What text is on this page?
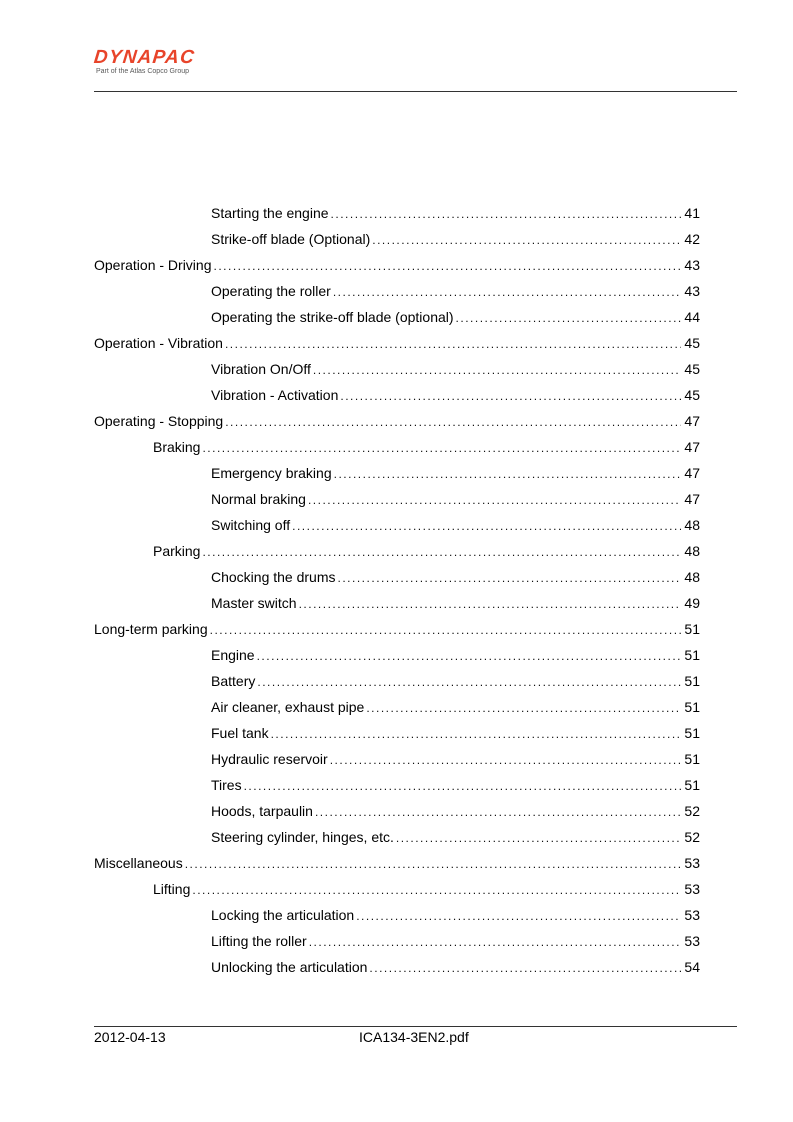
DYNAPAC
Part of the Atlas Copco Group
Starting the engine .....	41
Strike-off blade (Optional) .....	42
Operation - Driving .....	43
Operating the roller .....	43
Operating the strike-off blade (optional) .....	44
Operation - Vibration .....	45
Vibration On/Off .....	45
Vibration - Activation .....	45
Operating - Stopping .....	47
Braking .....	47
Emergency braking .....	47
Normal braking .....	47
Switching off .....	48
Parking .....	48
Chocking the drums .....	48
Master switch .....	49
Long-term parking .....	51
Engine .....	51
Battery .....	51
Air cleaner, exhaust pipe .....	51
Fuel tank .....	51
Hydraulic reservoir .....	51
Tires .....	51
Hoods, tarpaulin .....	52
Steering cylinder, hinges, etc. .....	52
Miscellaneous .....	53
Lifting .....	53
Locking the articulation .....	53
Lifting the roller .....	53
Unlocking the articulation .....	54
2012-04-13	ICA134-3EN2.pdf
